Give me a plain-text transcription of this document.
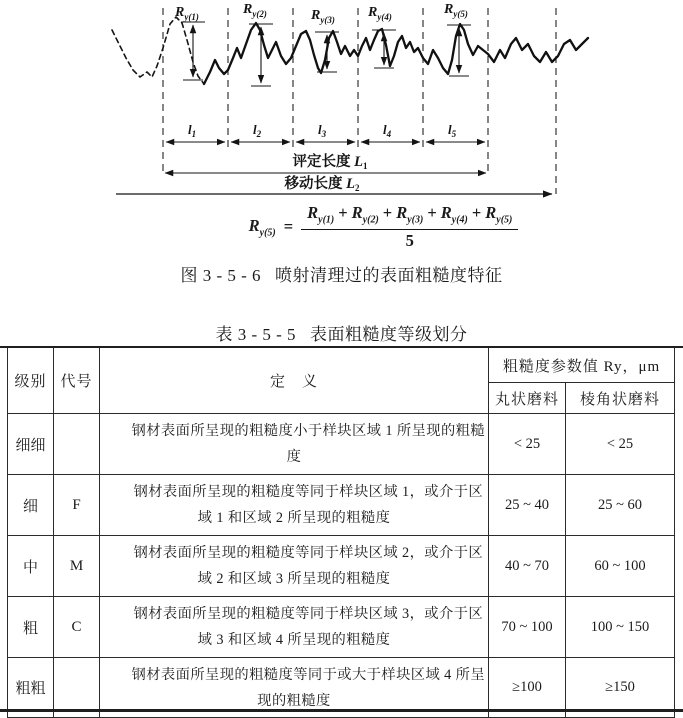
$R_{y(1)}$	$R_{y(2)}$	$R_{y(3)}$ $R_{y(4)}$	$R_{y(5)}$
$l_1$	$l_2$	$l_3$	$l_4$	$l_5$
评定长度 $L_1$
移动长度 $L_2$
$R_{y(5)} = \frac{R_{y(1)} + R_{y(2)} + R_{y(3)} + R_{y(4)} + R_{y(5)}}{5}$
图 3 - 5 - 6 喷射清理过的表面粗糙度特征
表 3 - 5 - 5 表面粗糙度等级划分
级别	代号	定　义	粗糙度参数值 Ry，μm	
			丸状磨料	棱角状磨料
细细		钢材表面所呈现的粗糙度小于样块区域 1 所呈现的粗糙度	< 25	< 25
细	F	钢材表面所呈现的粗糙度等同于样块区域 1，或介于区域 1 和区域 2 所呈现的粗糙度	25 ~ 40	25 ~ 60
中	M	钢材表面所呈现的粗糙度等同于样块区域 2，或介于区域 2 和区域 3 所呈现的粗糙度	40 ~ 70	60 ~ 100
粗	C	钢材表面所呈现的粗糙度等同于样块区域 3，或介于区域 3 和区域 4 所呈现的粗糙度	70 ~ 100	100 ~ 150
粗粗		钢材表面所呈现的粗糙度等同于或大于样块区域 4 所呈现的粗糙度	≥100	≥150
